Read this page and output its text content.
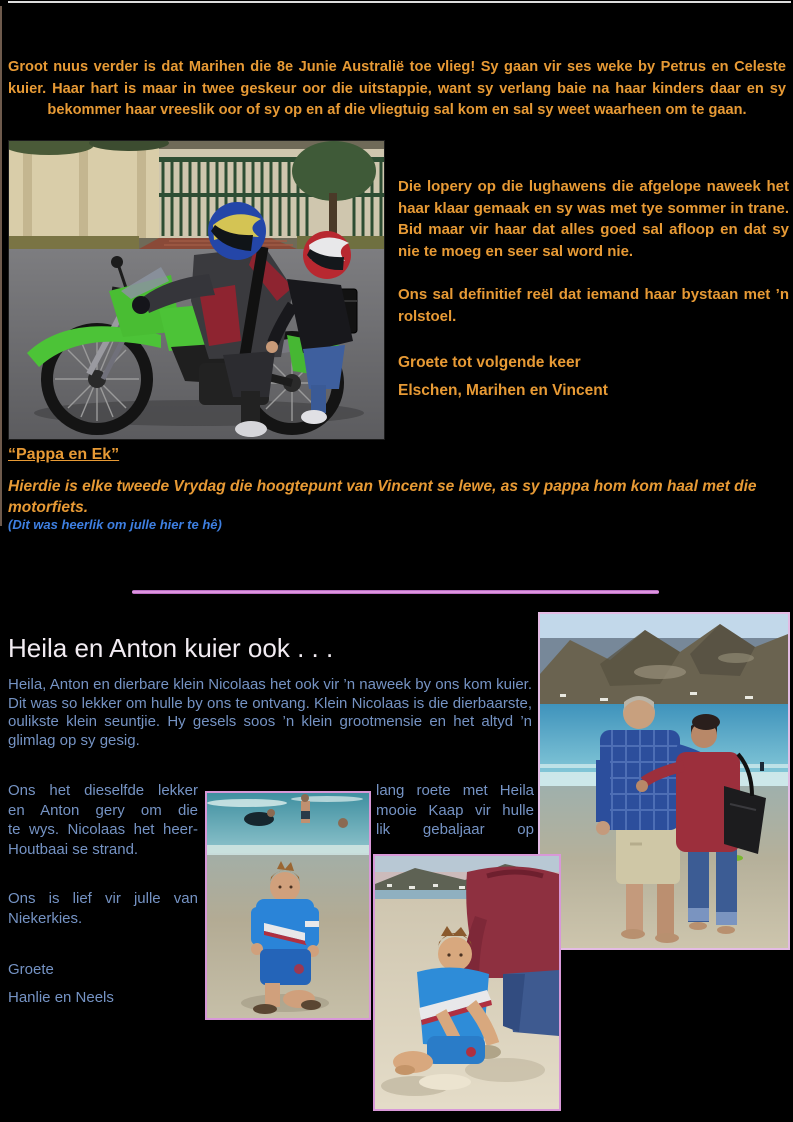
Groot nuus verder is dat Marihen die 8e Junie Australië toe vlieg! Sy gaan vir ses weke by Petrus en Celeste kuier. Haar hart is maar in twee geskeur oor die uitstappie, want sy verlang baie na haar kinders daar en sy bekommer haar vreeslik oor of sy op en af die vliegtuig sal kom en sal sy weet waarheen om te gaan.
Die lopery op die lughawens die afgelope naweek het haar klaar gemaak en sy was met tye sommer in trane. Bid maar vir haar dat alles goed sal afloop en dat sy nie te moeg en seer sal word nie.
Ons sal definitief reël dat iemand haar bystaan met ’n rolstoel.
Groete tot volgende keer
Elschen, Marihen en Vincent
“Pappa en Ek”
Hierdie is elke tweede Vrydag die hoogtepunt van Vincent se lewe, as sy pappa hom kom haal met die motorfiets.
(Dit was heerlik om julle hier te hê)
Heila en Anton kuier ook . . .
Heila, Anton en dierbare klein Nicolaas het ook vir ’n naweek by ons kom kuier. Dit was so lekker om hulle by ons te ontvang. Klein Nicolaas is die dierbaarste, oulikste klein seuntjie. Hy gesels soos ’n klein grootmensie en het altyd ’n glimlag op sy gesig.
Ons het dieselfde lekker
en Anton gery om die
te wys. Nicolaas het heer-
Houtbaai se strand.
lang roete met Heila
mooie Kaap vir hulle
lik gebaljaar op
Ons is lief vir julle van
Niekerkies.
Groete
Hanlie en Neels
